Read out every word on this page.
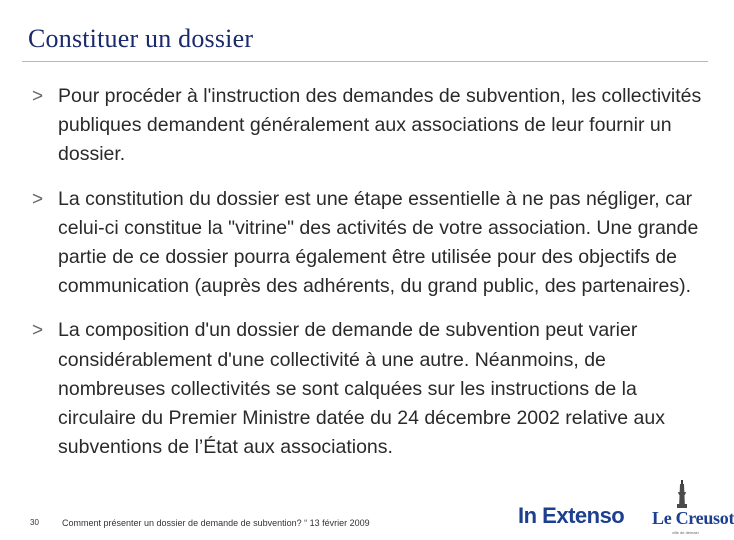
Constituer un dossier
> Pour procéder à l'instruction des demandes de subvention, les collectivités publiques demandent généralement aux associations de leur fournir un dossier.
> La constitution du dossier est une étape essentielle à ne pas négliger, car celui-ci constitue la "vitrine" des activités de votre association. Une grande partie de ce dossier pourra également être utilisée pour des objectifs de communication (auprès des adhérents, du grand public, des partenaires).
> La composition d'un dossier de demande de subvention peut varier considérablement d'une collectivité à une autre. Néanmoins, de nombreuses collectivités se sont calquées sur les instructions de la circulaire du Premier Ministre datée du 24 décembre 2002 relative aux subventions de l’État aux associations.
30	Comment présenter un dossier de demande de subvention? “ 13 février 2009	In Extenso Le Creusot
ville de demain
